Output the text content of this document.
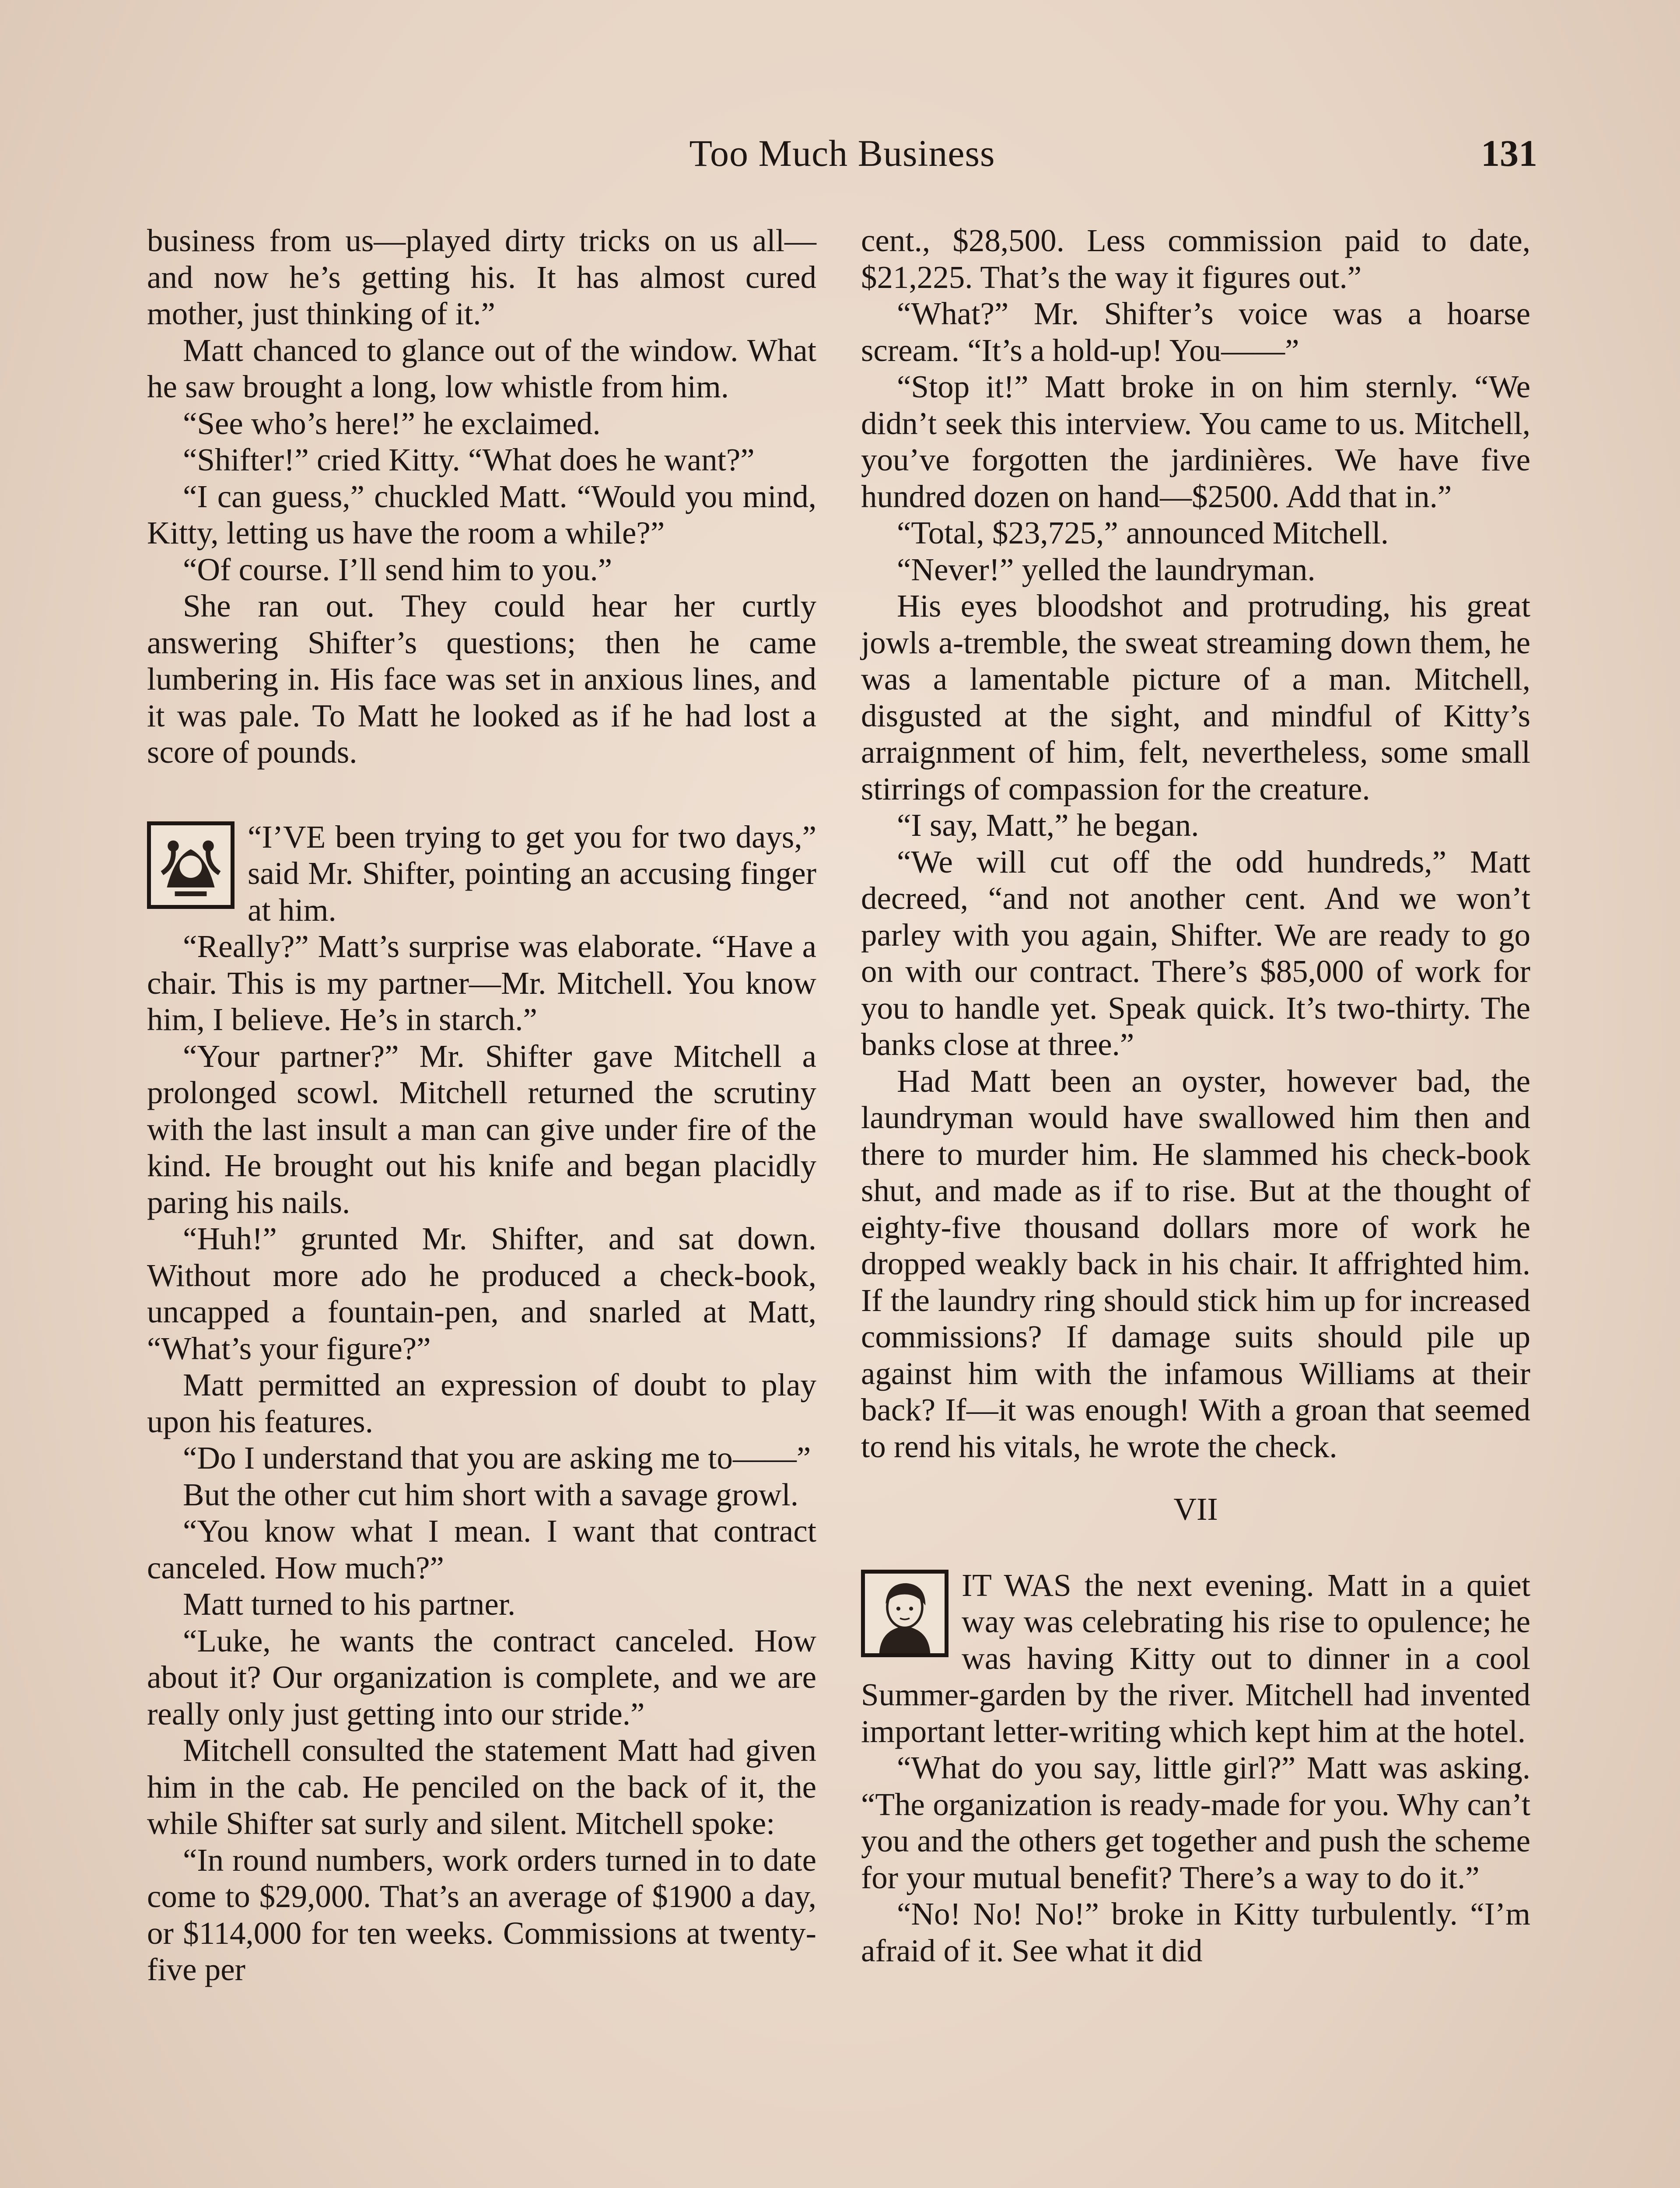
Too Much Business	131

business from us—played dirty tricks on us all—and now he’s getting his. It has almost cured mother, just thinking of it.”

Matt chanced to glance out of the window. What he saw brought a long, low whistle from him.

“See who’s here!” he exclaimed.

“Shifter!” cried Kitty. “What does he want?”

“I can guess,” chuckled Matt. “Would you mind, Kitty, letting us have the room a while?”

“Of course. I’ll send him to you.”

She ran out. They could hear her curtly answering Shifter’s questions; then he came lumbering in. His face was set in anxious lines, and it was pale. To Matt he looked as if he had lost a score of pounds.

“I’VE been trying to get you for two days,” said Mr. Shifter, pointing an accusing finger at him.

“Really?” Matt’s surprise was elaborate. “Have a chair. This is my partner—Mr. Mitchell. You know him, I believe. He’s in starch.”

“Your partner?” Mr. Shifter gave Mitchell a prolonged scowl. Mitchell returned the scrutiny with the last insult a man can give under fire of the kind. He brought out his knife and began placidly paring his nails.

“Huh!” grunted Mr. Shifter, and sat down. Without more ado he produced a check-book, uncapped a fountain-pen, and snarled at Matt, “What’s your figure?”

Matt permitted an expression of doubt to play upon his features.

“Do I understand that you are asking me to——”

But the other cut him short with a savage growl.

“You know what I mean. I want that contract canceled. How much?”

Matt turned to his partner.

“Luke, he wants the contract canceled. How about it? Our organization is complete, and we are really only just getting into our stride.”

Mitchell consulted the statement Matt had given him in the cab. He penciled on the back of it, the while Shifter sat surly and silent. Mitchell spoke:

“In round numbers, work orders turned in to date come to $29,000. That’s an average of $1900 a day, or $114,000 for ten weeks. Commissions at twenty-five per

cent., $28,500. Less commission paid to date, $21,225. That’s the way it figures out.”

“What?” Mr. Shifter’s voice was a hoarse scream. “It’s a hold-up! You——”

“Stop it!” Matt broke in on him sternly. “We didn’t seek this interview. You came to us. Mitchell, you’ve forgotten the jardinières. We have five hundred dozen on hand—$2500. Add that in.”

“Total, $23,725,” announced Mitchell.

“Never!” yelled the laundryman.

His eyes bloodshot and protruding, his great jowls a-tremble, the sweat streaming down them, he was a lamentable picture of a man. Mitchell, disgusted at the sight, and mindful of Kitty’s arraignment of him, felt, nevertheless, some small stirrings of compassion for the creature.

“I say, Matt,” he began.

“We will cut off the odd hundreds,” Matt decreed, “and not another cent. And we won’t parley with you again, Shifter. We are ready to go on with our contract. There’s $85,000 of work for you to handle yet. Speak quick. It’s two-thirty. The banks close at three.”

Had Matt been an oyster, however bad, the laundryman would have swallowed him then and there to murder him. He slammed his check-book shut, and made as if to rise. But at the thought of eighty-five thousand dollars more of work he dropped weakly back in his chair. It affrighted him. If the laundry ring should stick him up for increased commissions? If damage suits should pile up against him with the infamous Williams at their back? If—it was enough! With a groan that seemed to rend his vitals, he wrote the check.

VII

IT WAS the next evening. Matt in a quiet way was celebrating his rise to opulence; he was having Kitty out to dinner in a cool Summer-garden by the river. Mitchell had invented important letter-writing which kept him at the hotel.

“What do you say, little girl?” Matt was asking. “The organization is ready-made for you. Why can’t you and the others get together and push the scheme for your mutual benefit? There’s a way to do it.”

“No! No! No!” broke in Kitty turbulently. “I’m afraid of it. See what it did
